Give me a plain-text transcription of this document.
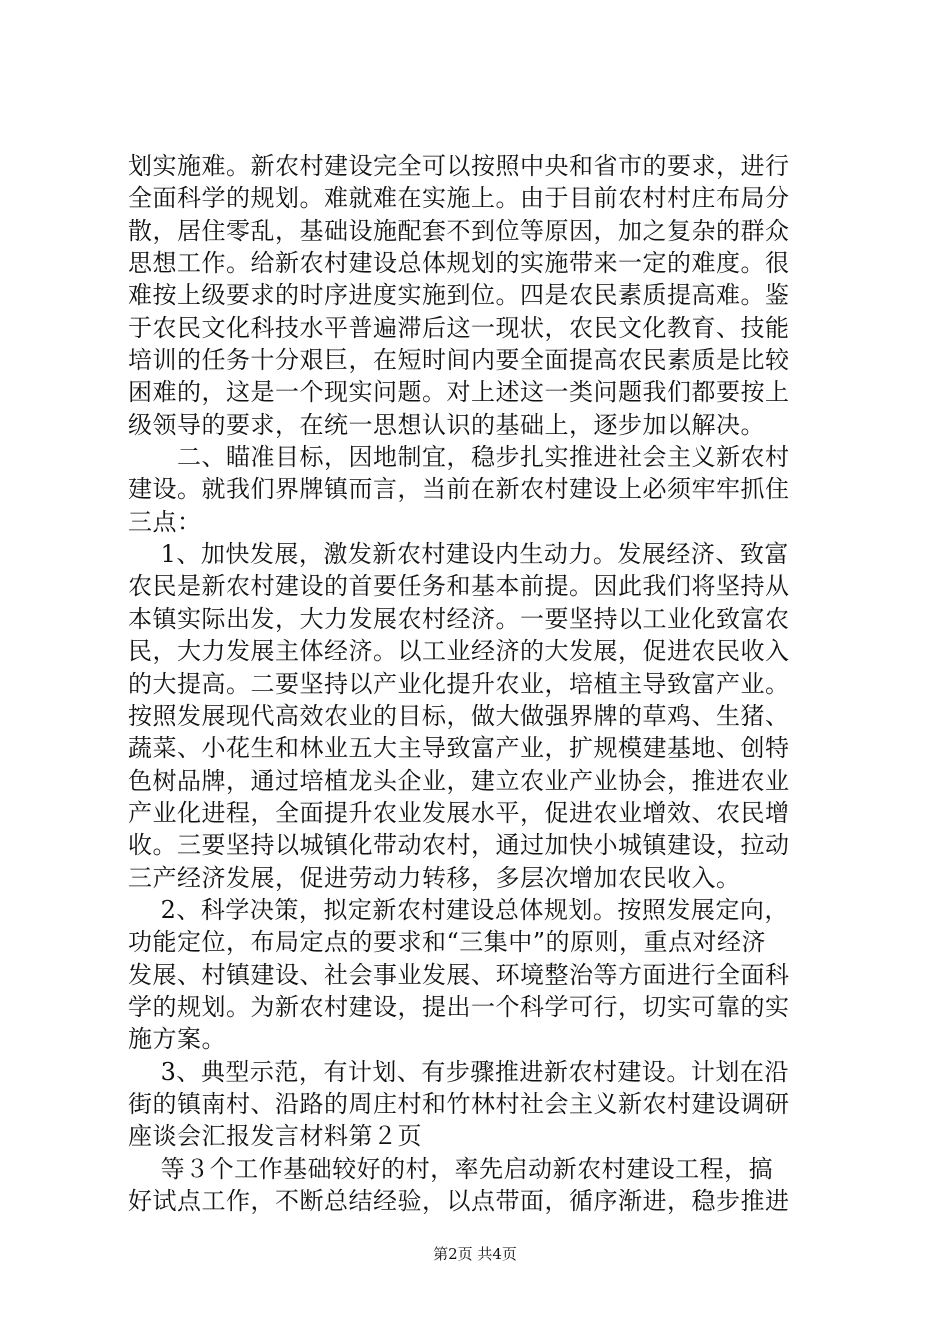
划实施难。新农村建设完全可以按照中央和省市的要求，进行
全面科学的规划。难就难在实施上。由于目前农村村庄布局分
散，居住零乱，基础设施配套不到位等原因，加之复杂的群众
思想工作。给新农村建设总体规划的实施带来一定的难度。很
难按上级要求的时序进度实施到位。四是农民素质提高难。鉴
于农民文化科技水平普遍滞后这一现状，农民文化教育、技能
培训的任务十分艰巨，在短时间内要全面提高农民素质是比较
困难的，这是一个现实问题。对上述这一类问题我们都要按上
级领导的要求，在统一思想认识的基础上，逐步加以解决。
　　二、瞄准目标，因地制宜，稳步扎实推进社会主义新农村
建设。就我们界牌镇而言，当前在新农村建设上必须牢牢抓住
三点：
　 1、加快发展，激发新农村建设内生动力。发展经济、致富
农民是新农村建设的首要任务和基本前提。因此我们将坚持从
本镇实际出发，大力发展农村经济。一要坚持以工业化致富农
民，大力发展主体经济。以工业经济的大发展，促进农民收入
的大提高。二要坚持以产业化提升农业，培植主导致富产业。
按照发展现代高效农业的目标，做大做强界牌的草鸡、生猪、
蔬菜、小花生和林业五大主导致富产业，扩规模建基地、创特
色树品牌，通过培植龙头企业，建立农业产业协会，推进农业
产业化进程，全面提升农业发展水平，促进农业增效、农民增
收。三要坚持以城镇化带动农村，通过加快小城镇建设，拉动
三产经济发展，促进劳动力转移，多层次增加农民收入。
　 2、科学决策，拟定新农村建设总体规划。按照发展定向，
功能定位，布局定点的要求和“三集中”的原则，重点对经济
发展、村镇建设、社会事业发展、环境整治等方面进行全面科
学的规划。为新农村建设，提出一个科学可行，切实可靠的实
施方案。
　 3、典型示范，有计划、有步骤推进新农村建设。计划在沿
街的镇南村、沿路的周庄村和竹林村社会主义新农村建设调研
座谈会汇报发言材料第２页
　 等３个工作基础较好的村，率先启动新农村建设工程，搞
好试点工作，不断总结经验，以点带面，循序渐进，稳步推进
第2页 共4页
